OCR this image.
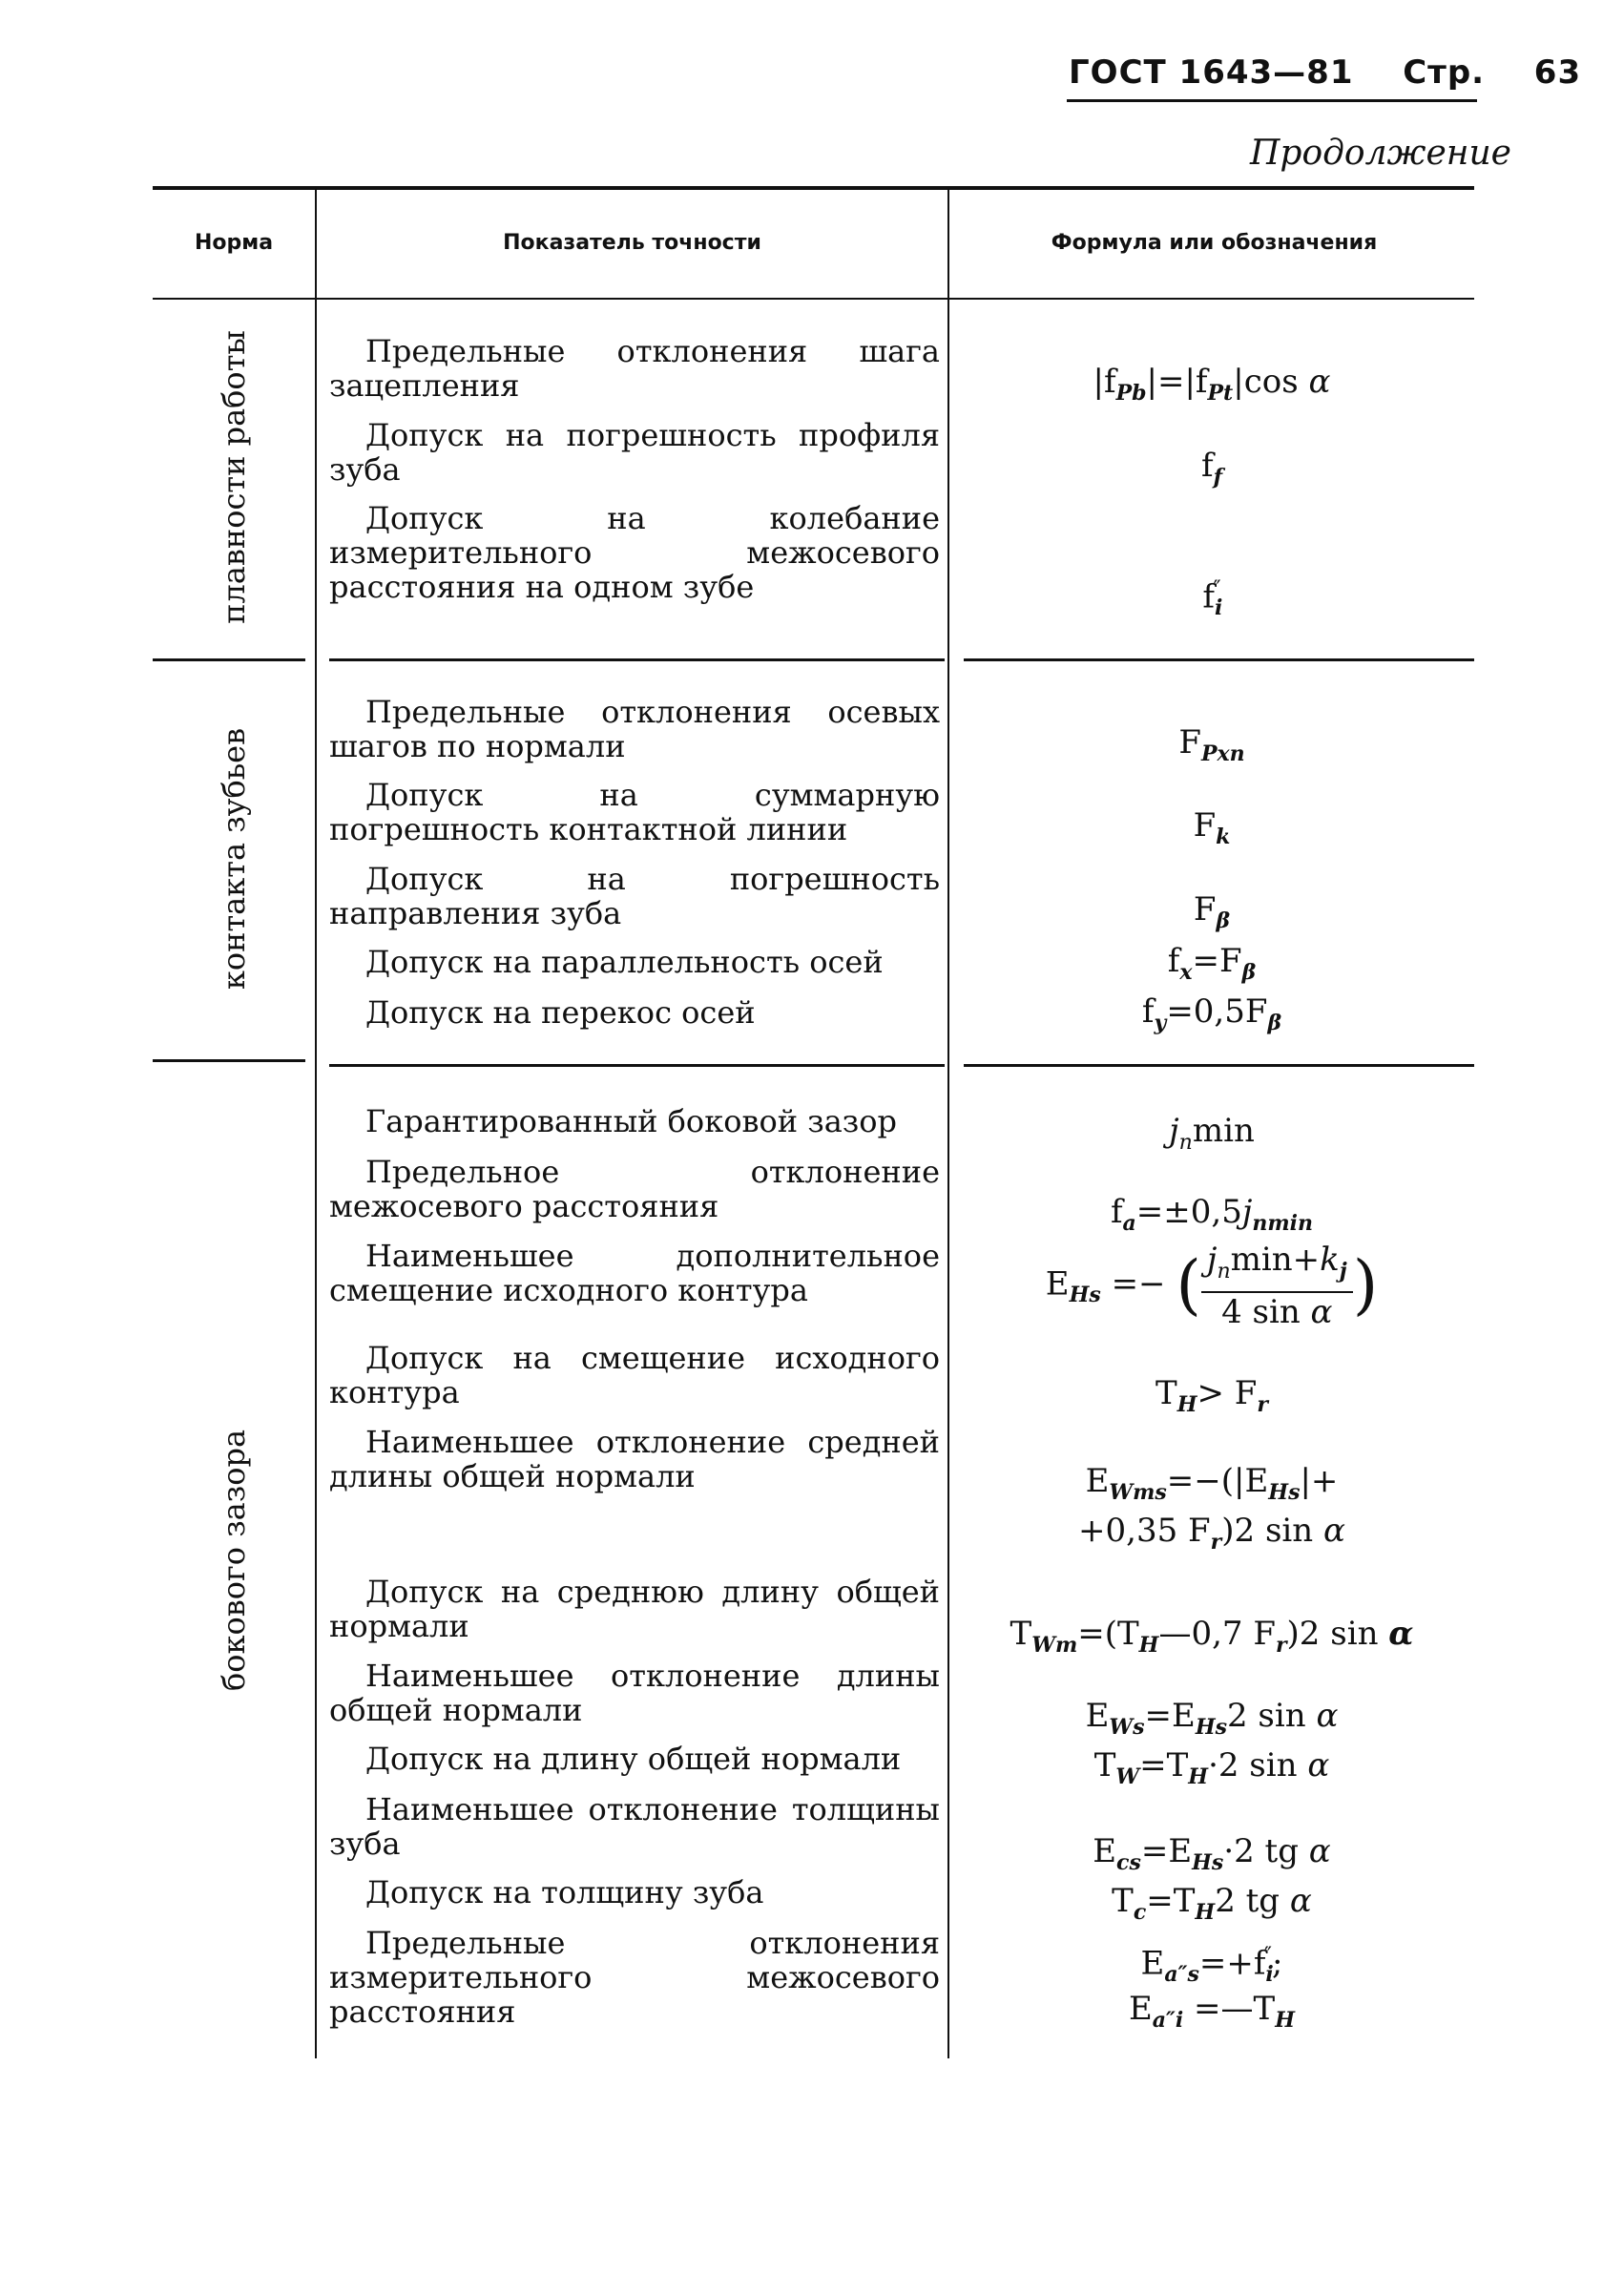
ГОСТ 1643—81 Стр. 63
Продолжение
Норма	Показатель точности	Формула или обозначения
плавности работы
контакта зубьев
бокового зазора
Предельные отклонения шага зацепления
Допуск на погрешность профиля зуба
Допуск на колебание измерительного межосевого расстояния на одном зубе
Предельные отклонения осевых шагов по нормали
Допуск на суммарную погрешность контактной линии
Допуск на погрешность направления зуба
Допуск на параллельность осей
Допуск на перекос осей
Гарантированный боковой зазор
Предельное отклонение межосевого расстояния
Наименьшее дополнительное смещение исходного контура
Допуск на смещение исходного контура
Наименьшее отклонение средней длины общей нормали
Допуск на среднюю длину общей нормали
Наименьшее отклонение длины общей нормали
Допуск на длину общей нормали
Наименьшее отклонение толщины зуба
Допуск на толщину зуба
Предельные отклонения измерительного межосевого расстояния
$|f_{Pb}|=|f_{Pt}|\cos$ α
$f_f$
$f_i''$
$F_{Pxn}$
$F_k$
$F_\beta$
$f_x=F_\beta$
$f_y=0,5F_\beta$
$j_n\min$
$f_a=\pm 0,5j_{nmin}$
$E_{Hs}$ =− ( $\frac{j_n\min+k_j}{\text{4 sin α}}$ )
$T_H> F_r$
$E_{Wms}=-(|E_{Hs}|+$
+0,35 $F_r)2$ sin α
$T_{Wm}=(T_H—0,7$ $F_r)2$ sin α
$E_{Ws}=E_{Hs}2$ sin α
$T_W=T_H\cdot 2$ sin α
$E_{cs}=E_{Hs}\cdot 2$ tg α
$T_c=T_H2$ tg α
$E_{a''s}=+f_i''$;
$E_{a''i}$ $=—T_H$
